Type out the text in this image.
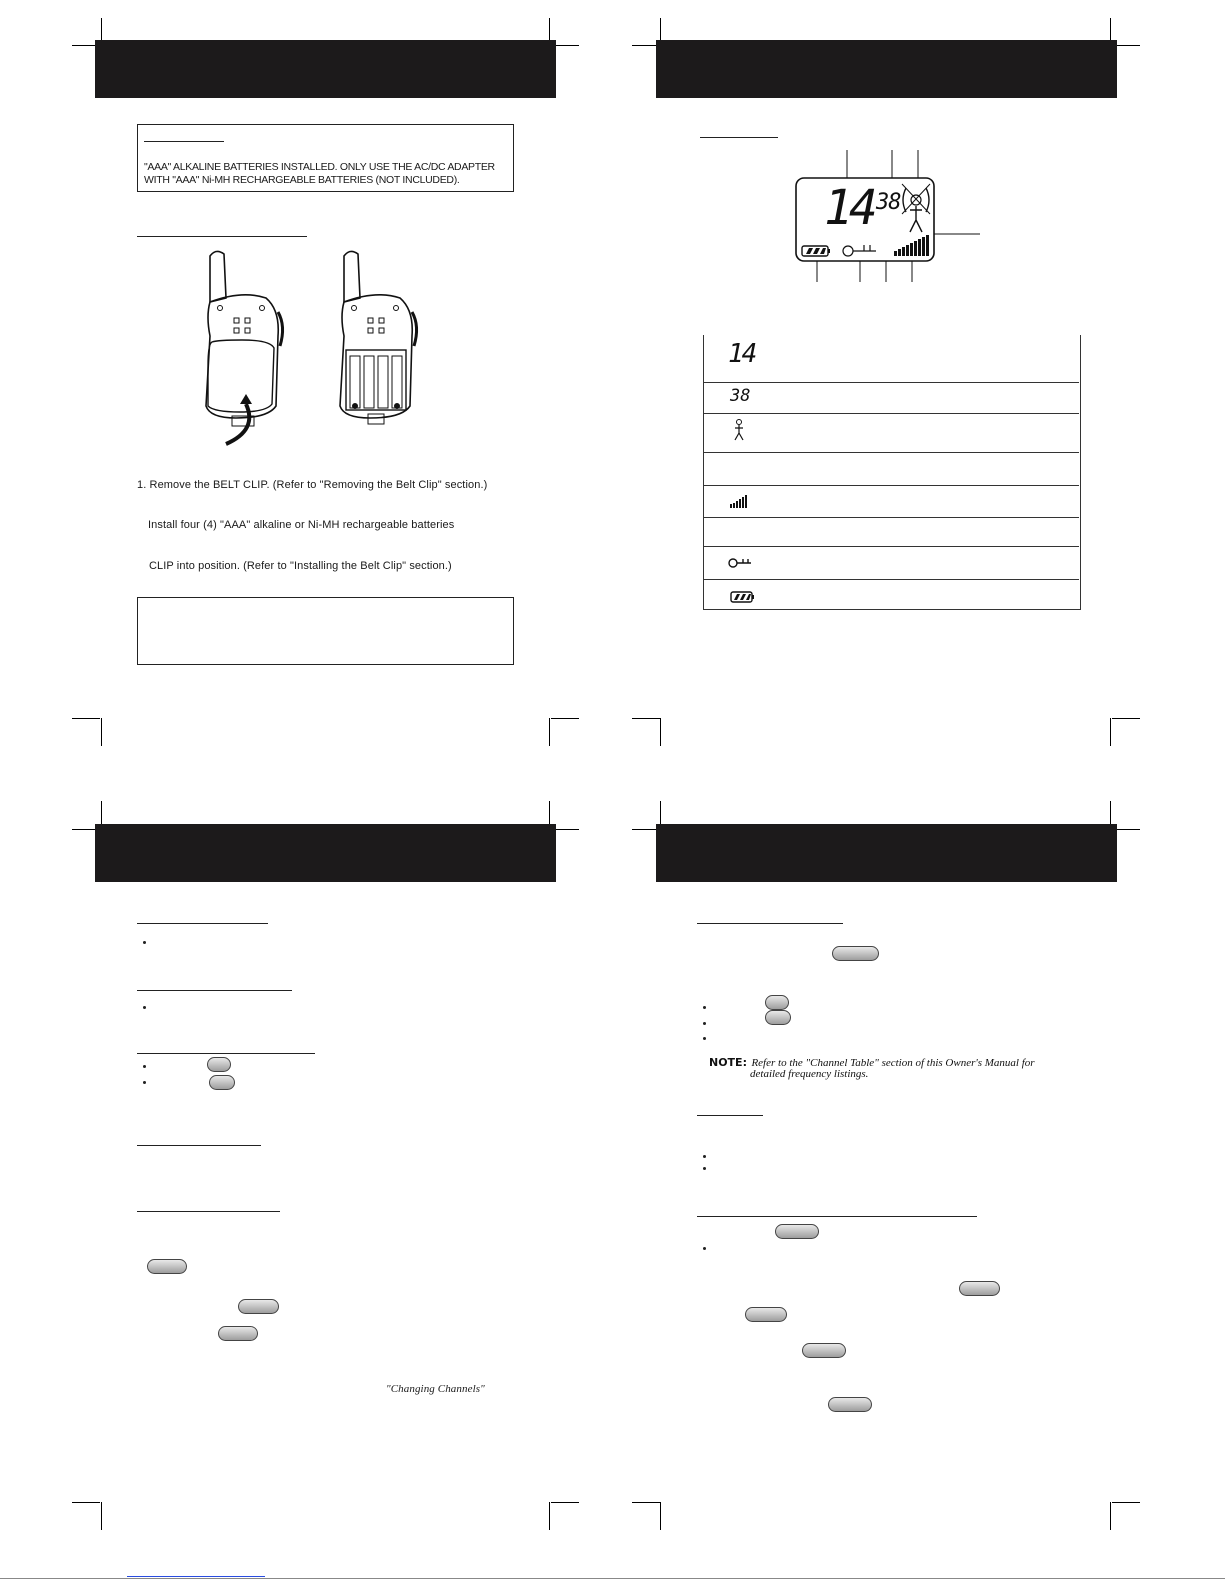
"AAA" ALKALINE BATTERIES INSTALLED. ONLY USE THE AC/DC ADAPTER
WITH "AAA" Ni-MH RECHARGEABLE BATTERIES (NOT INCLUDED).
1. Remove the BELT CLIP. (Refer to "Removing the Belt Clip" section.)
Install four (4) "AAA" alkaline or Ni-MH rechargeable batteries
CLIP into position. (Refer to "Installing the Belt Clip" section.)
14 38
14
38
"Changing Channels"
NOTE: Refer to the "Channel Table" section of this Owner's Manual for
detailed frequency listings.
